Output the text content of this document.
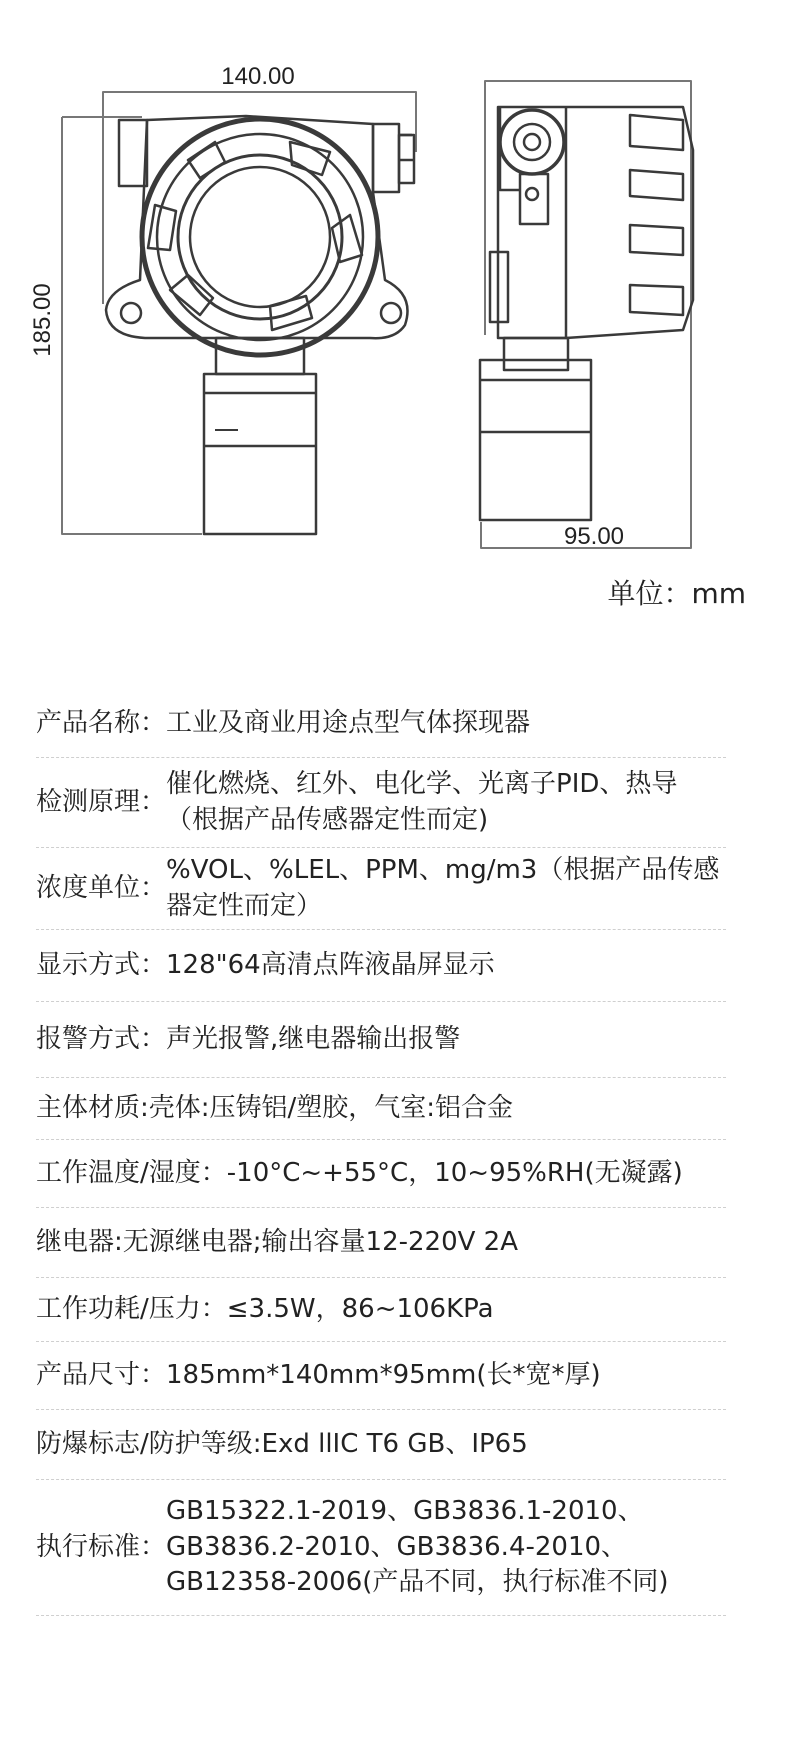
140.00
185.00
95.00
单位：mm
产品名称： 工业及商业用途点型气体探现器
检测原理：
催化燃烧、红外、电化学、光离子PID、热导（根据产品传感器定性而定)
浓度单位：
%VOL、%LEL、PPM、mg/m3（根据产品传感器定性而定）
显示方式： 128"64高清点阵液晶屏显示
报警方式： 声光报警,继电器输出报警
主体材质: 壳体:压铸铝/塑胶，气室:铝合金
工作温度/湿度： -10°C~+55°C，10~95%RH(无凝露)
继电器: 无源继电器;输出容量12-220V 2A
工作功耗/压力： ≤3.5W，86~106KPa
产品尺寸： 185mm*140mm*95mm(长*宽*厚)
防爆标志/防护等级: Exd llIC T6 GB、IP65
执行标准：
GB15322.1-2019、GB3836.1-2010、GB3836.2-2010、GB3836.4-2010、GB12358-2006(产品不同，执行标准不同)
